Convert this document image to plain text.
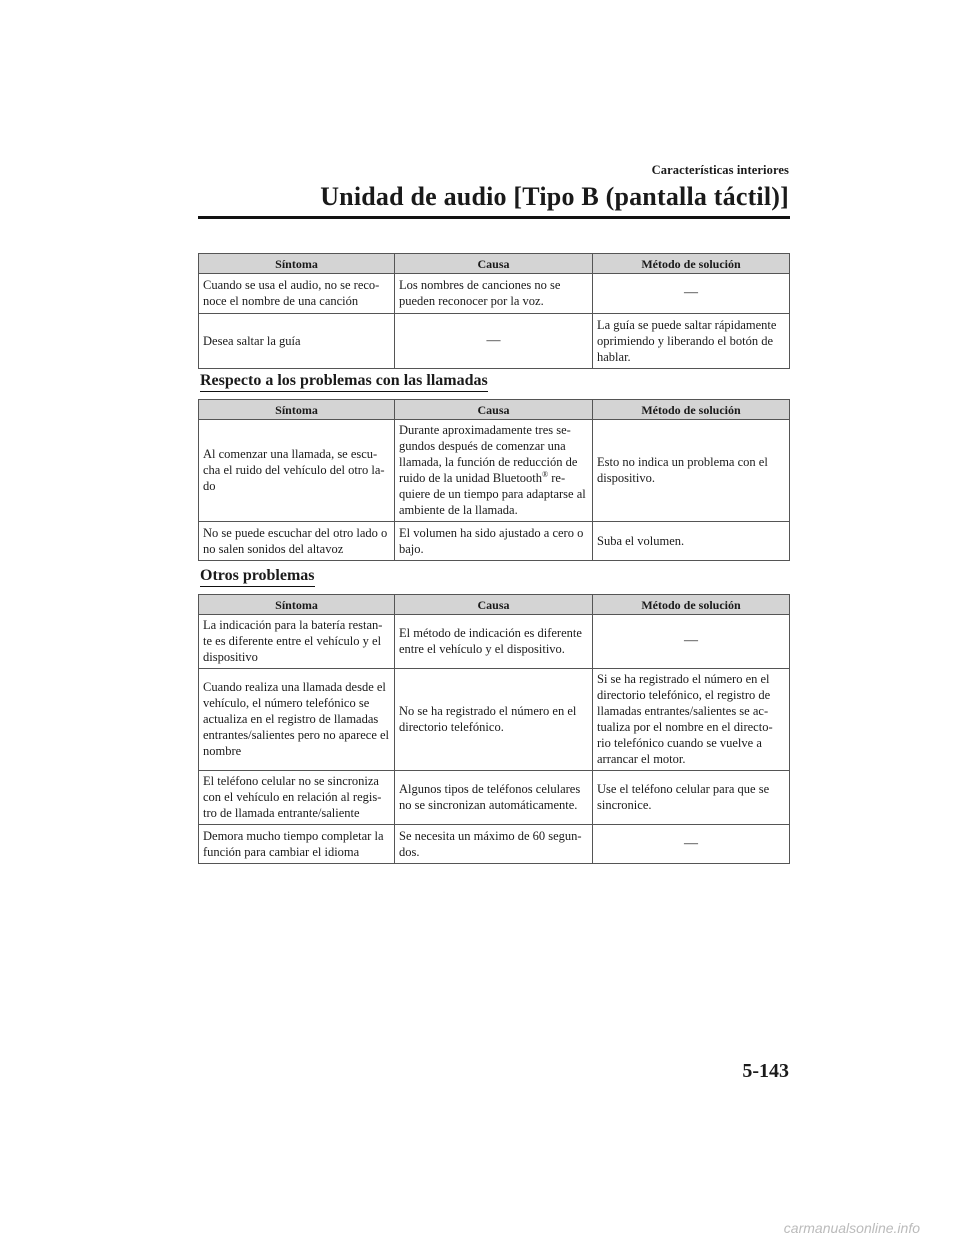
Características interiores
Unidad de audio [Tipo B (pantalla táctil)]
Síntoma	Causa	Método de solución
Cuando se usa el audio, no se reco-noce el nombre de una canción	Los nombres de canciones no se pueden reconocer por la voz.	—
Desea saltar la guía	—	La guía se puede saltar rápidamente oprimiendo y liberando el botón de hablar.
Respecto a los problemas con las llamadas
Síntoma	Causa	Método de solución
Al comenzar una llamada, se escu-cha el ruido del vehículo del otro la-do	Durante aproximadamente tres se-gundos después de comenzar una llamada, la función de reducción de ruido de la unidad Bluetooth® re-quiere de un tiempo para adaptarse al ambiente de la llamada.	Esto no indica un problema con el dispositivo.
No se puede escuchar del otro lado o no salen sonidos del altavoz	El volumen ha sido ajustado a cero o bajo.	Suba el volumen.
Otros problemas
Síntoma	Causa	Método de solución
La indicación para la batería restan-te es diferente entre el vehículo y el dispositivo	El método de indicación es diferente entre el vehículo y el dispositivo.	—
Cuando realiza una llamada desde el vehículo, el número telefónico se actualiza en el registro de llamadas entrantes/salientes pero no aparece el nombre	No se ha registrado el número en el directorio telefónico.	Si se ha registrado el número en el directorio telefónico, el registro de llamadas entrantes/salientes se ac-tualiza por el nombre en el directo-rio telefónico cuando se vuelve a arrancar el motor.
El teléfono celular no se sincroniza con el vehículo en relación al regis-tro de llamada entrante/saliente	Algunos tipos de teléfonos celulares no se sincronizan automáticamente.	Use el teléfono celular para que se sincronice.
Demora mucho tiempo completar la función para cambiar el idioma	Se necesita un máximo de 60 segun-dos.	—
5-143
carmanualsonline.info
